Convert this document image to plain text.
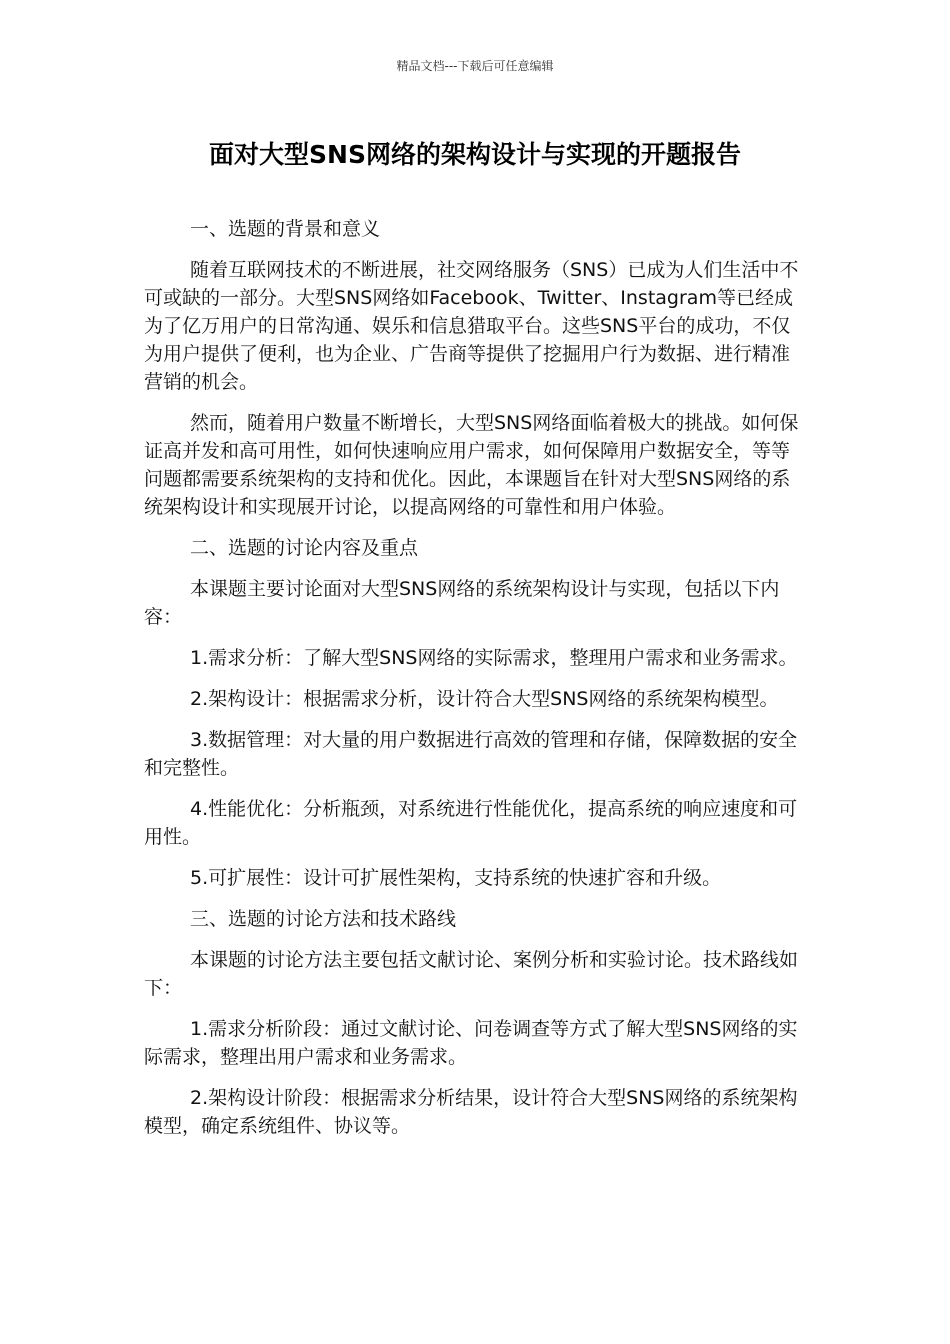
精品文档---下载后可任意编辑
面对大型SNS网络的架构设计与实现的开题报告

一、选题的背景和意义

随着互联网技术的不断进展，社交网络服务（SNS）已成为人们生活中不可或缺的一部分。大型SNS网络如Facebook、Twitter、Instagram等已经成为了亿万用户的日常沟通、娱乐和信息猎取平台。这些SNS平台的成功，不仅为用户提供了便利，也为企业、广告商等提供了挖掘用户行为数据、进行精准营销的机会。

然而，随着用户数量不断增长，大型SNS网络面临着极大的挑战。如何保证高并发和高可用性，如何快速响应用户需求，如何保障用户数据安全，等等问题都需要系统架构的支持和优化。因此，本课题旨在针对大型SNS网络的系统架构设计和实现展开讨论，以提高网络的可靠性和用户体验。

二、选题的讨论内容及重点

本课题主要讨论面对大型SNS网络的系统架构设计与实现，包括以下内容：

1.需求分析：了解大型SNS网络的实际需求，整理用户需求和业务需求。

2.架构设计：根据需求分析，设计符合大型SNS网络的系统架构模型。

3.数据管理：对大量的用户数据进行高效的管理和存储，保障数据的安全和完整性。

4.性能优化：分析瓶颈，对系统进行性能优化，提高系统的响应速度和可用性。

5.可扩展性：设计可扩展性架构，支持系统的快速扩容和升级。

三、选题的讨论方法和技术路线

本课题的讨论方法主要包括文献讨论、案例分析和实验讨论。技术路线如下：

1.需求分析阶段：通过文献讨论、问卷调查等方式了解大型SNS网络的实际需求，整理出用户需求和业务需求。

2.架构设计阶段：根据需求分析结果，设计符合大型SNS网络的系统架构模型，确定系统组件、协议等。
